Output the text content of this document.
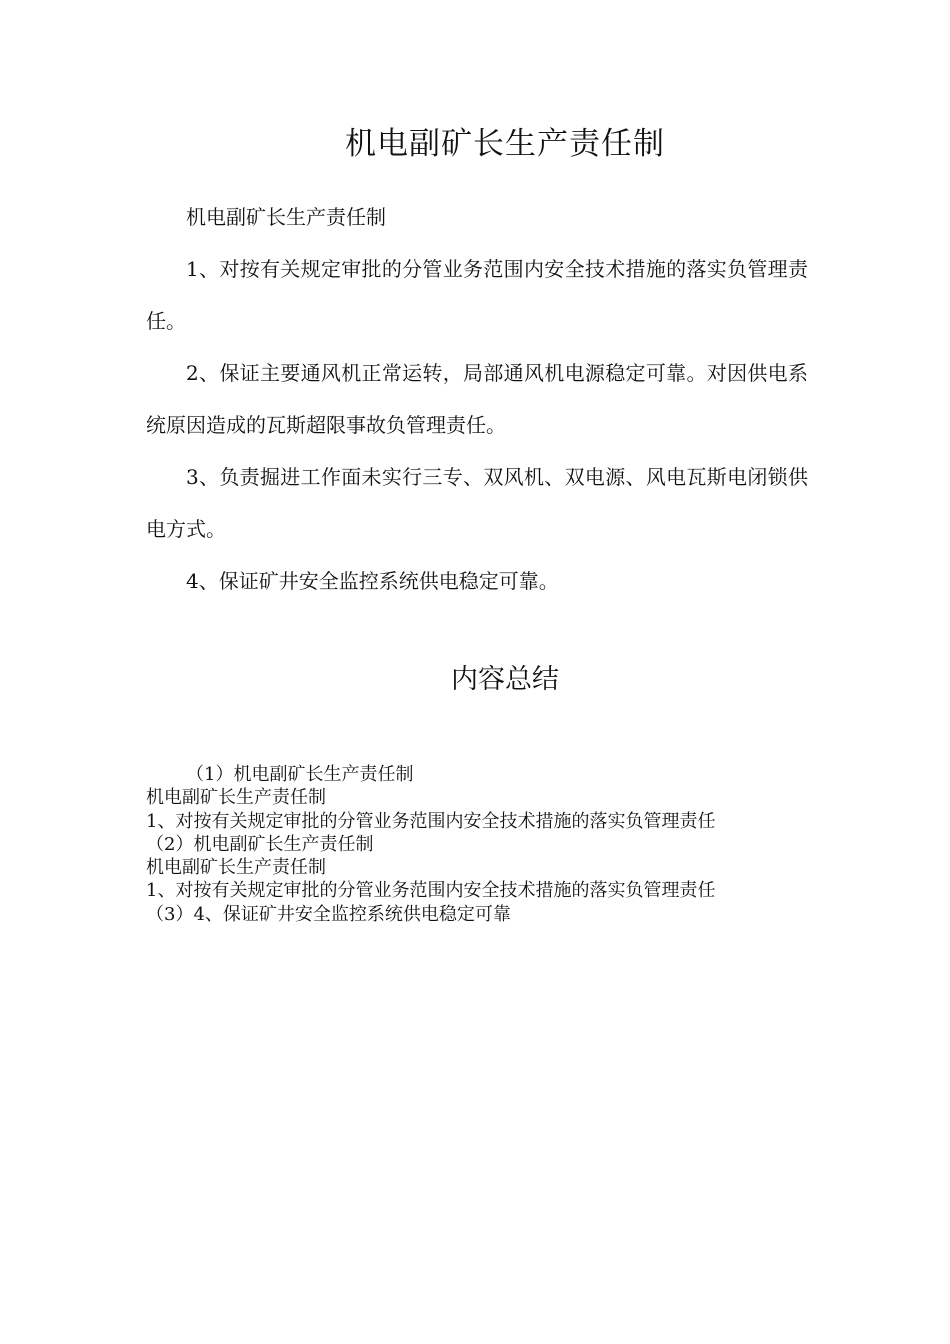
机电副矿长生产责任制

机电副矿长生产责任制

1、对按有关规定审批的分管业务范围内安全技术措施的落实负管理责任。

2、保证主要通风机正常运转，局部通风机电源稳定可靠。对因供电系统原因造成的瓦斯超限事故负管理责任。

3、负责掘进工作面未实行三专、双风机、双电源、风电瓦斯电闭锁供电方式。

4、保证矿井安全监控系统供电稳定可靠。

内容总结

（1）机电副矿长生产责任制

机电副矿长生产责任制

1、对按有关规定审批的分管业务范围内安全技术措施的落实负管理责任

（2）机电副矿长生产责任制

机电副矿长生产责任制

1、对按有关规定审批的分管业务范围内安全技术措施的落实负管理责任

（3）4、保证矿井安全监控系统供电稳定可靠
